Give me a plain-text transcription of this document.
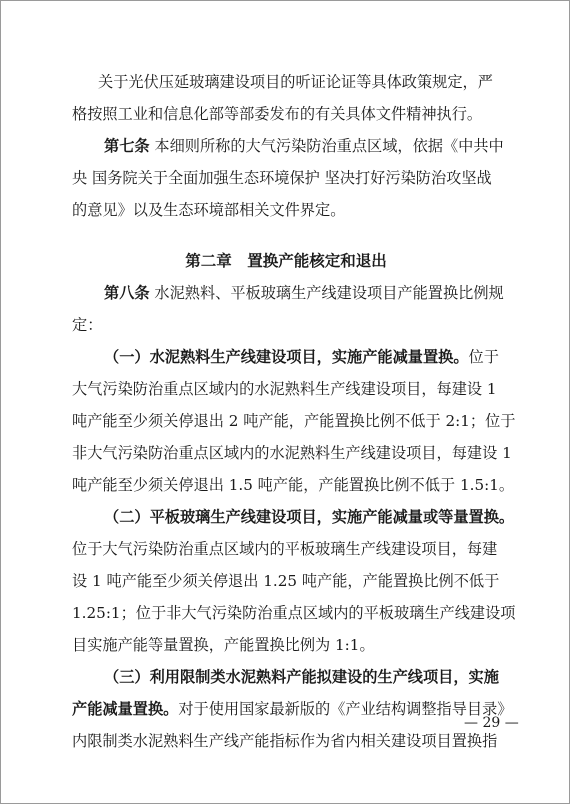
关于光伏压延玻璃建设项目的听证论证等具体政策规定，严
格按照工业和信息化部等部委发布的有关具体文件精神执行。
第七条 本细则所称的大气污染防治重点区域，依据《中共中
央 国务院关于全面加强生态环境保护 坚决打好污染防治攻坚战
的意见》以及生态环境部相关文件界定。
第二章　置换产能核定和退出
第八条 水泥熟料、平板玻璃生产线建设项目产能置换比例规
定：
（一）水泥熟料生产线建设项目，实施产能减量置换。位于
大气污染防治重点区域内的水泥熟料生产线建设项目，每建设 1
吨产能至少须关停退出 2 吨产能，产能置换比例不低于 2:1；位于
非大气污染防治重点区域内的水泥熟料生产线建设项目，每建设 1
吨产能至少须关停退出 1.5 吨产能，产能置换比例不低于 1.5:1。
（二）平板玻璃生产线建设项目，实施产能减量或等量置换。
位于大气污染防治重点区域内的平板玻璃生产线建设项目，每建
设 1 吨产能至少须关停退出 1.25 吨产能，产能置换比例不低于
1.25:1；位于非大气污染防治重点区域内的平板玻璃生产线建设项
目实施产能等量置换，产能置换比例为 1:1。
（三）利用限制类水泥熟料产能拟建设的生产线项目，实施
产能减量置换。对于使用国家最新版的《产业结构调整指导目录》
内限制类水泥熟料生产线产能指标作为省内相关建设项目置换指
— 29 —
